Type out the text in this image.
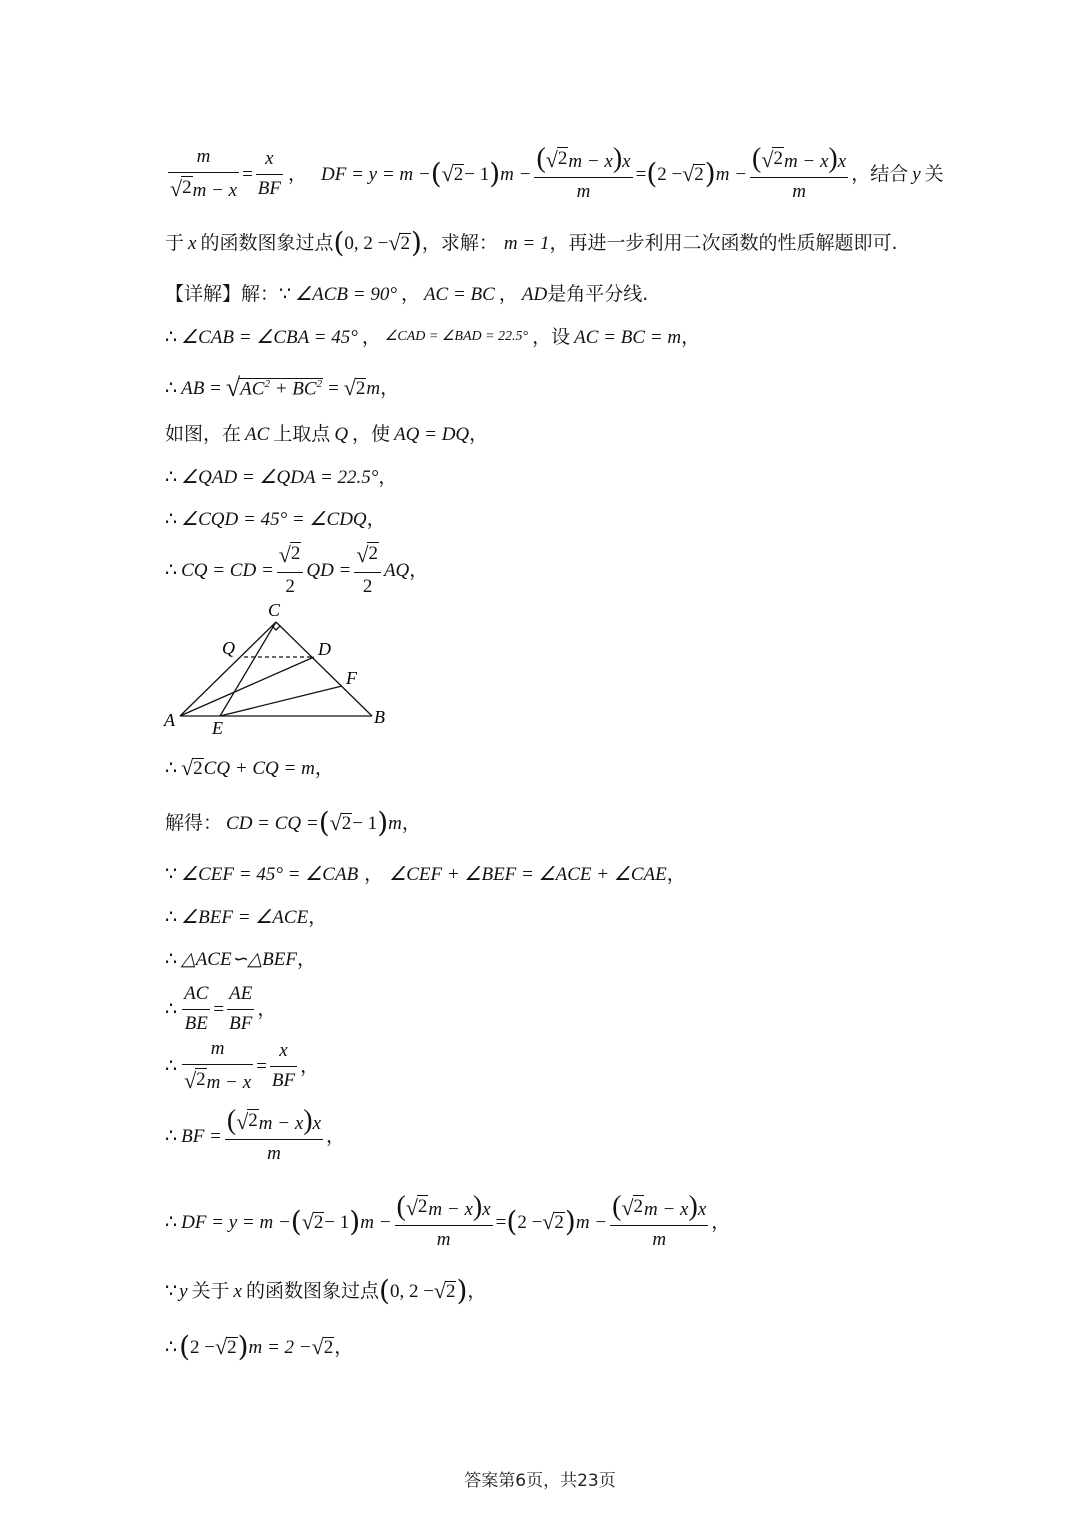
$\frac{m}{√ 2 m - x} = \frac{x}{BF}$ ， DF = y = m − ( √ 2 − 1 ) $m - \frac{( √ 2 m - x)x}{m}$ = ( 2 − √ 2 ) $m - \frac{( √ 2 m - x)x}{m}$ ，结合 y 关
于 x 的函数图象过点 ( 0, 2 − √ 2 ) ，求解： m = 1 ，再进一步利用二次函数的性质解题即可.
【详解】解：∵ ∠ACB = 90° ， AC = BC ， AD 是角平分线.
∴ ∠CAB = ∠CBA = 45° ， ∠CAD = ∠BAD = 22.5° ，设 AC = BC = m ，
∴ AB = √ $AC^2 + BC^2$ = √ 2 m ，
如图，在 AC 上取点 Q ，使 AQ = DQ ，
∴ ∠QAD = ∠QDA = 22.5° ，
∴ ∠CQD = 45° = ∠CDQ ，
∴ CQ = CD = $\frac{√ 2}{2}$ QD = $\frac{√ 2}{2}$ AQ ，
C
Q	D
F
A E
B
∴ √ 2 CQ + CQ = m ，
解得： CD = CQ = ( √ 2 − 1 ) m ，
∵ ∠CEF = 45° = ∠CAB ， ∠CEF + ∠BEF = ∠ACE + ∠CAE ，
∴ ∠BEF = ∠ACE ，
∴ △ACE∽△BEF ，
∴ $\frac{AC}{BE} = \frac{AE}{BF}$ ，
∴ $\frac{m}{√ 2 m - x} = \frac{x}{BF}$ ，
∴ BF = $\frac{( √ 2 m - x)x}{m}$ ，
∴ DF = y = m − ( √ 2 − 1 ) $m - \frac{( √ 2 m - x)x}{m}$ = ( 2 − √ 2 ) $m - \frac{( √ 2 m - x)x}{m}$ ，
∵ y 关于 x 的函数图象过点 ( 0, 2 − √ 2 ) ，
∴ ( 2 − √ 2 ) m = 2 − √ 2 ，
答案第6页，共23页
